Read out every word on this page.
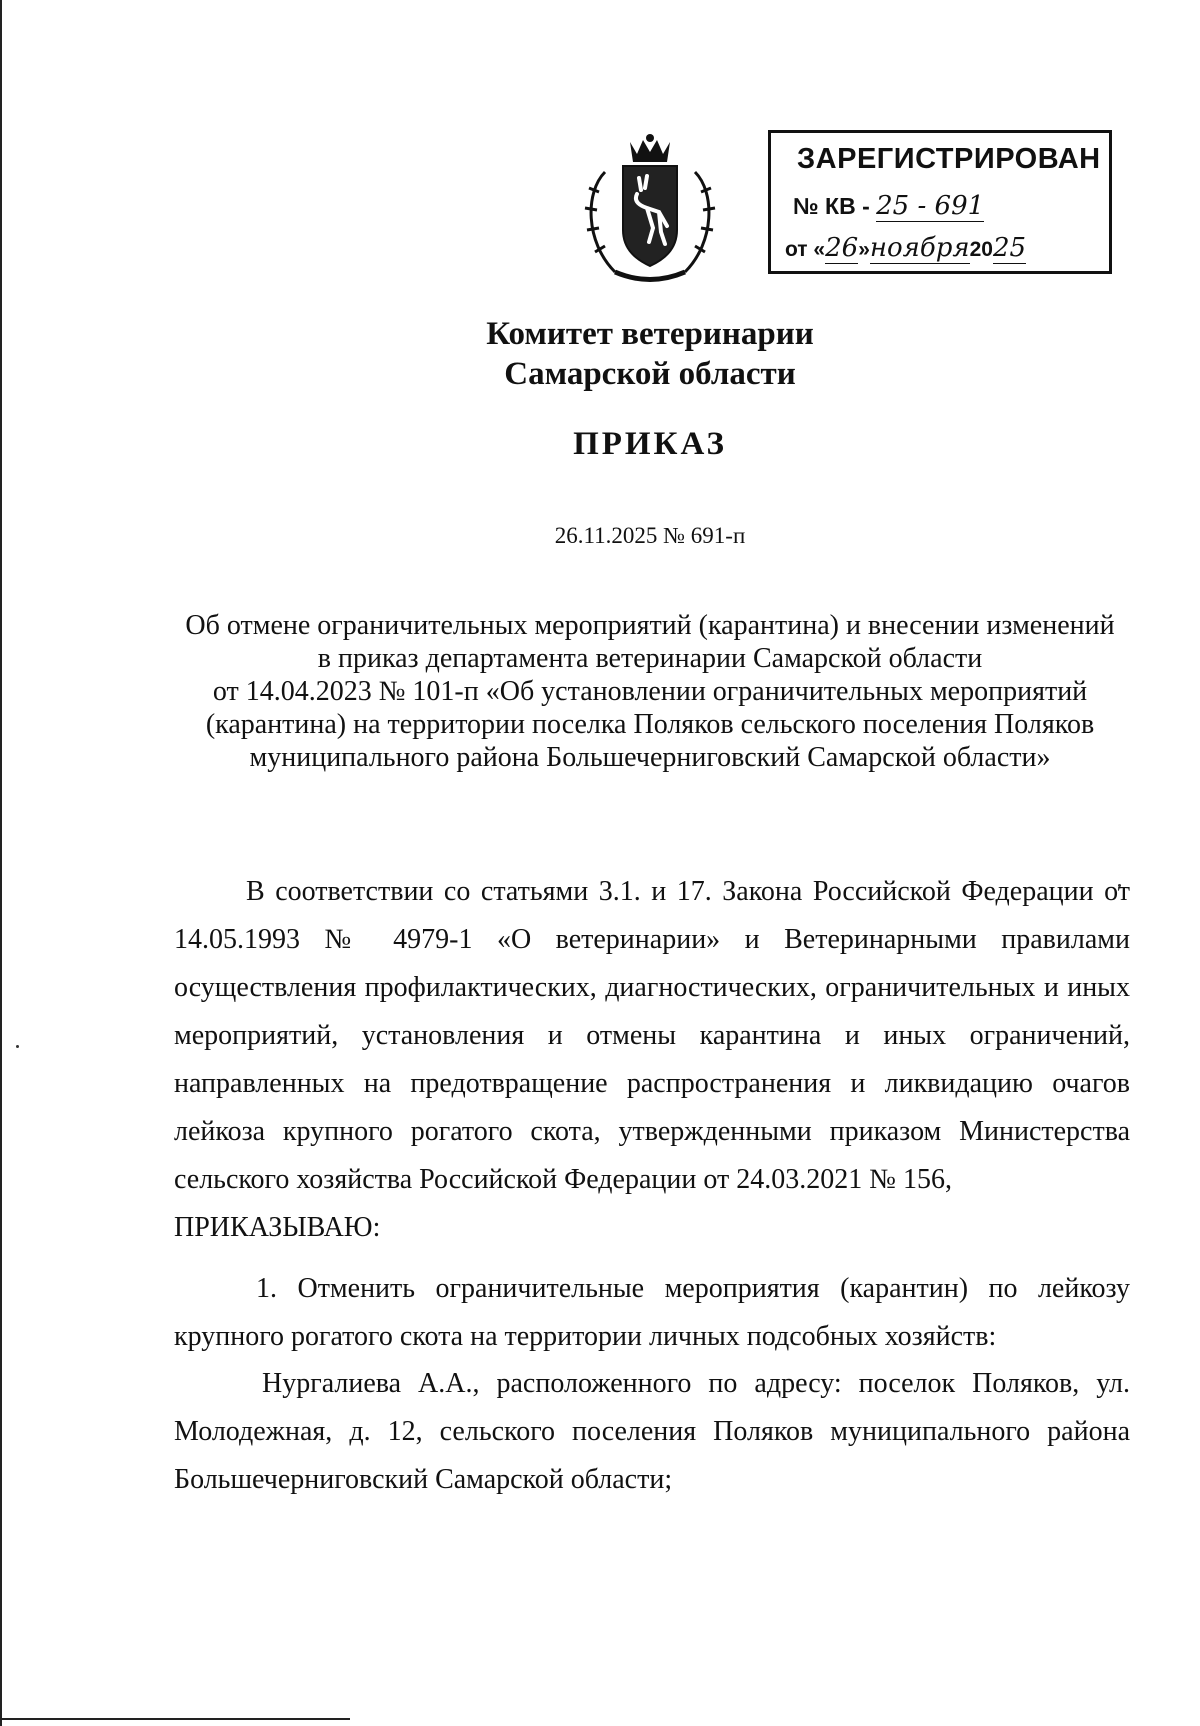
ЗАРЕГИСТРИРОВАН
№ КВ - 25 - 691
от «26»ноября2025
Комитет ветеринарии
Самарской области
ПРИКАЗ
26.11.2025 № 691-п
Об отмене ограничительных мероприятий (карантина) и внесении изменений
в приказ департамента ветеринарии Самарской области
от 14.04.2023 № 101-п «Об установлении ограничительных мероприятий
(карантина) на территории поселка Поляков сельского поселения Поляков
муниципального района Большечерниговский Самарской области»
В соответствии со статьями 3.1. и 17. Закона Российской Федерации от 14.05.1993 № 4979-1 «О ветеринарии» и Ветеринарными правилами осуществления профилактических, диагностических, ограничительных и иных мероприятий, установления и отмены карантина и иных ограничений, направленных на предотвращение распространения и ликвидацию очагов лейкоза крупного рогатого скота, утвержденными приказом Министерства сельского хозяйства Российской Федерации от 24.03.2021 № 156,
ПРИКАЗЫВАЮ:
1. Отменить ограничительные мероприятия (карантин) по лейкозу крупного рогатого скота на территории личных подсобных хозяйств:
Нургалиева А.А., расположенного по адресу: поселок Поляков, ул. Молодежная, д. 12, сельского поселения Поляков муниципального района Большечерниговский Самарской области;
